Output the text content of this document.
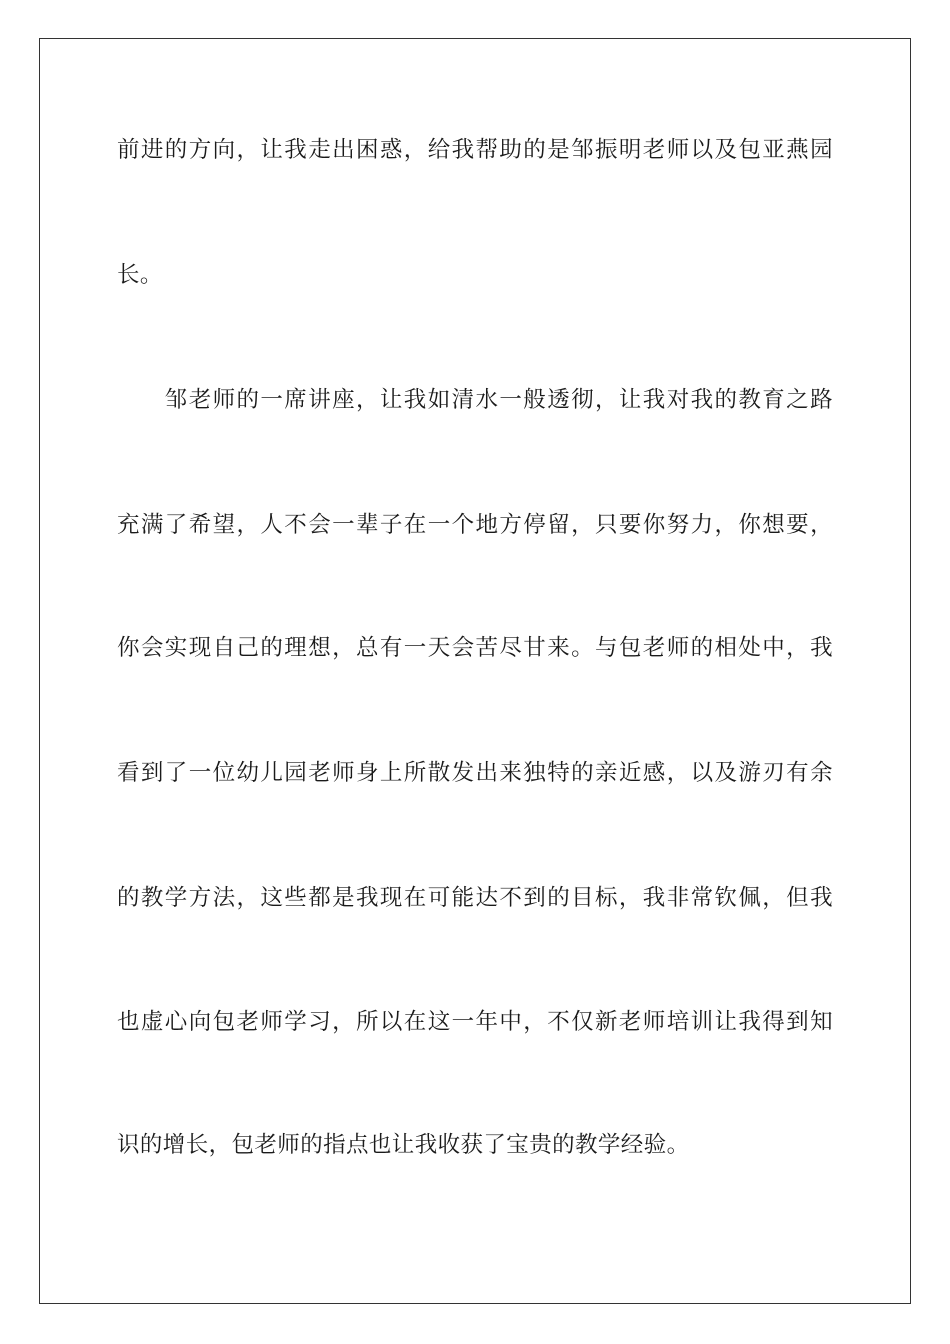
前进的方向，让我走出困惑，给我帮助的是邹振明老师以及包亚燕园
长。
　　邹老师的一席讲座，让我如清水一般透彻，让我对我的教育之路
充满了希望，人不会一辈子在一个地方停留，只要你努力，你想要，
你会实现自己的理想，总有一天会苦尽甘来。与包老师的相处中，我
看到了一位幼儿园老师身上所散发出来独特的亲近感，以及游刃有余
的教学方法，这些都是我现在可能达不到的目标，我非常钦佩，但我
也虚心向包老师学习，所以在这一年中，不仅新老师培训让我得到知
识的增长，包老师的指点也让我收获了宝贵的教学经验。
